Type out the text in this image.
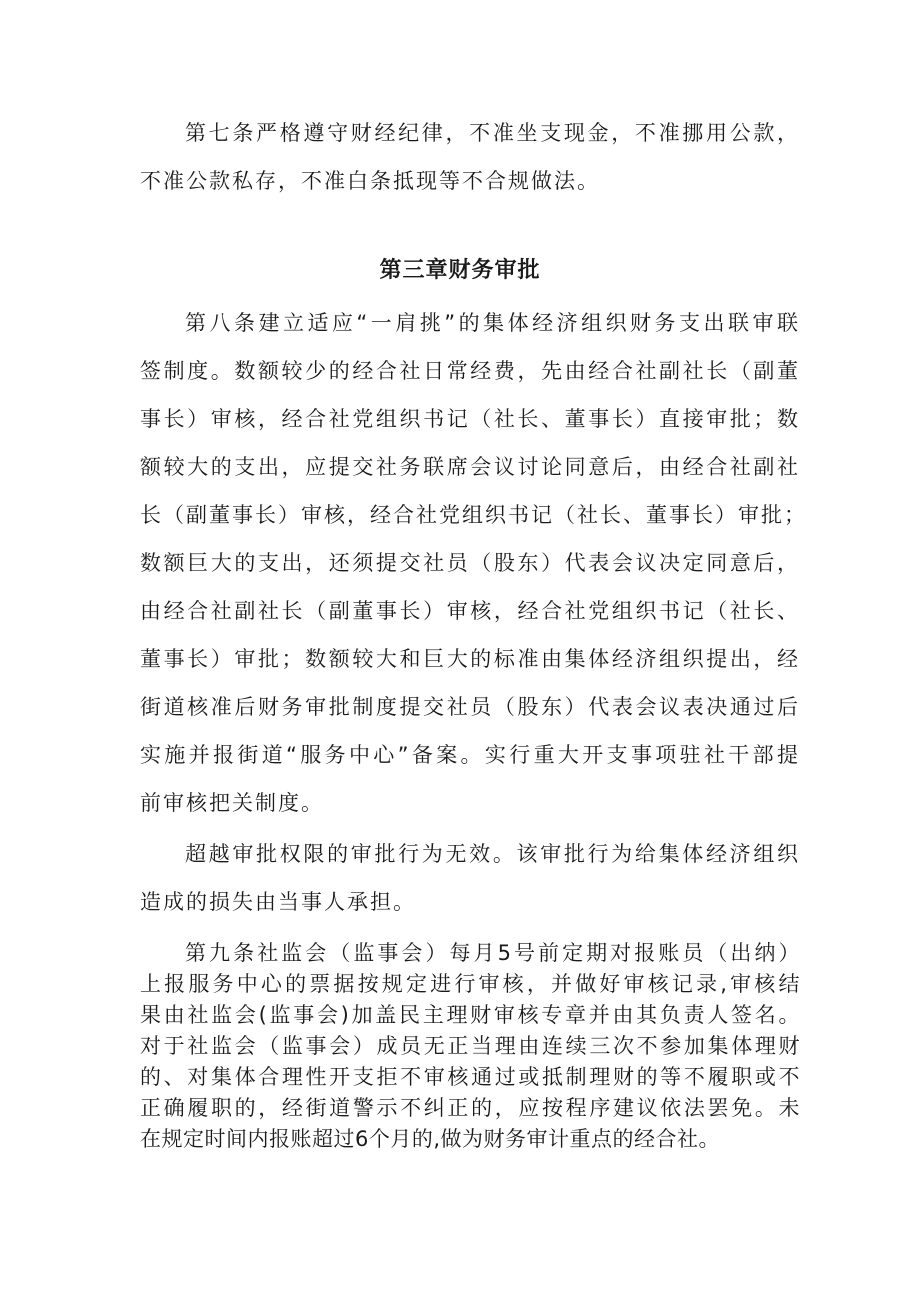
第七条严格遵守财经纪律，不准坐支现金，不准挪用公款，
不准公款私存，不准白条抵现等不合规做法。

第三章财务审批

第八条建立适应“一肩挑”的集体经济组织财务支出联审联
签制度。数额较少的经合社日常经费，先由经合社副社长（副董
事长）审核，经合社党组织书记（社长、董事长）直接审批；数
额较大的支出，应提交社务联席会议讨论同意后，由经合社副社
长（副董事长）审核，经合社党组织书记（社长、董事长）审批；
数额巨大的支出，还须提交社员（股东）代表会议决定同意后，
由经合社副社长（副董事长）审核，经合社党组织书记（社长、
董事长）审批；数额较大和巨大的标准由集体经济组织提出，经
街道核准后财务审批制度提交社员（股东）代表会议表决通过后
实施并报街道“服务中心”备案。实行重大开支事项驻社干部提
前审核把关制度。

超越审批权限的审批行为无效。该审批行为给集体经济组织
造成的损失由当事人承担。

第九条社监会（监事会）每月5号前定期对报账员（出纳）
上报服务中心的票据按规定进行审核，并做好审核记录,审核结
果由社监会(监事会)加盖民主理财审核专章并由其负责人签名。
对于社监会（监事会）成员无正当理由连续三次不参加集体理财
的、对集体合理性开支拒不审核通过或抵制理财的等不履职或不
正确履职的，经街道警示不纠正的，应按程序建议依法罢免。未
在规定时间内报账超过6个月的,做为财务审计重点的经合社。
